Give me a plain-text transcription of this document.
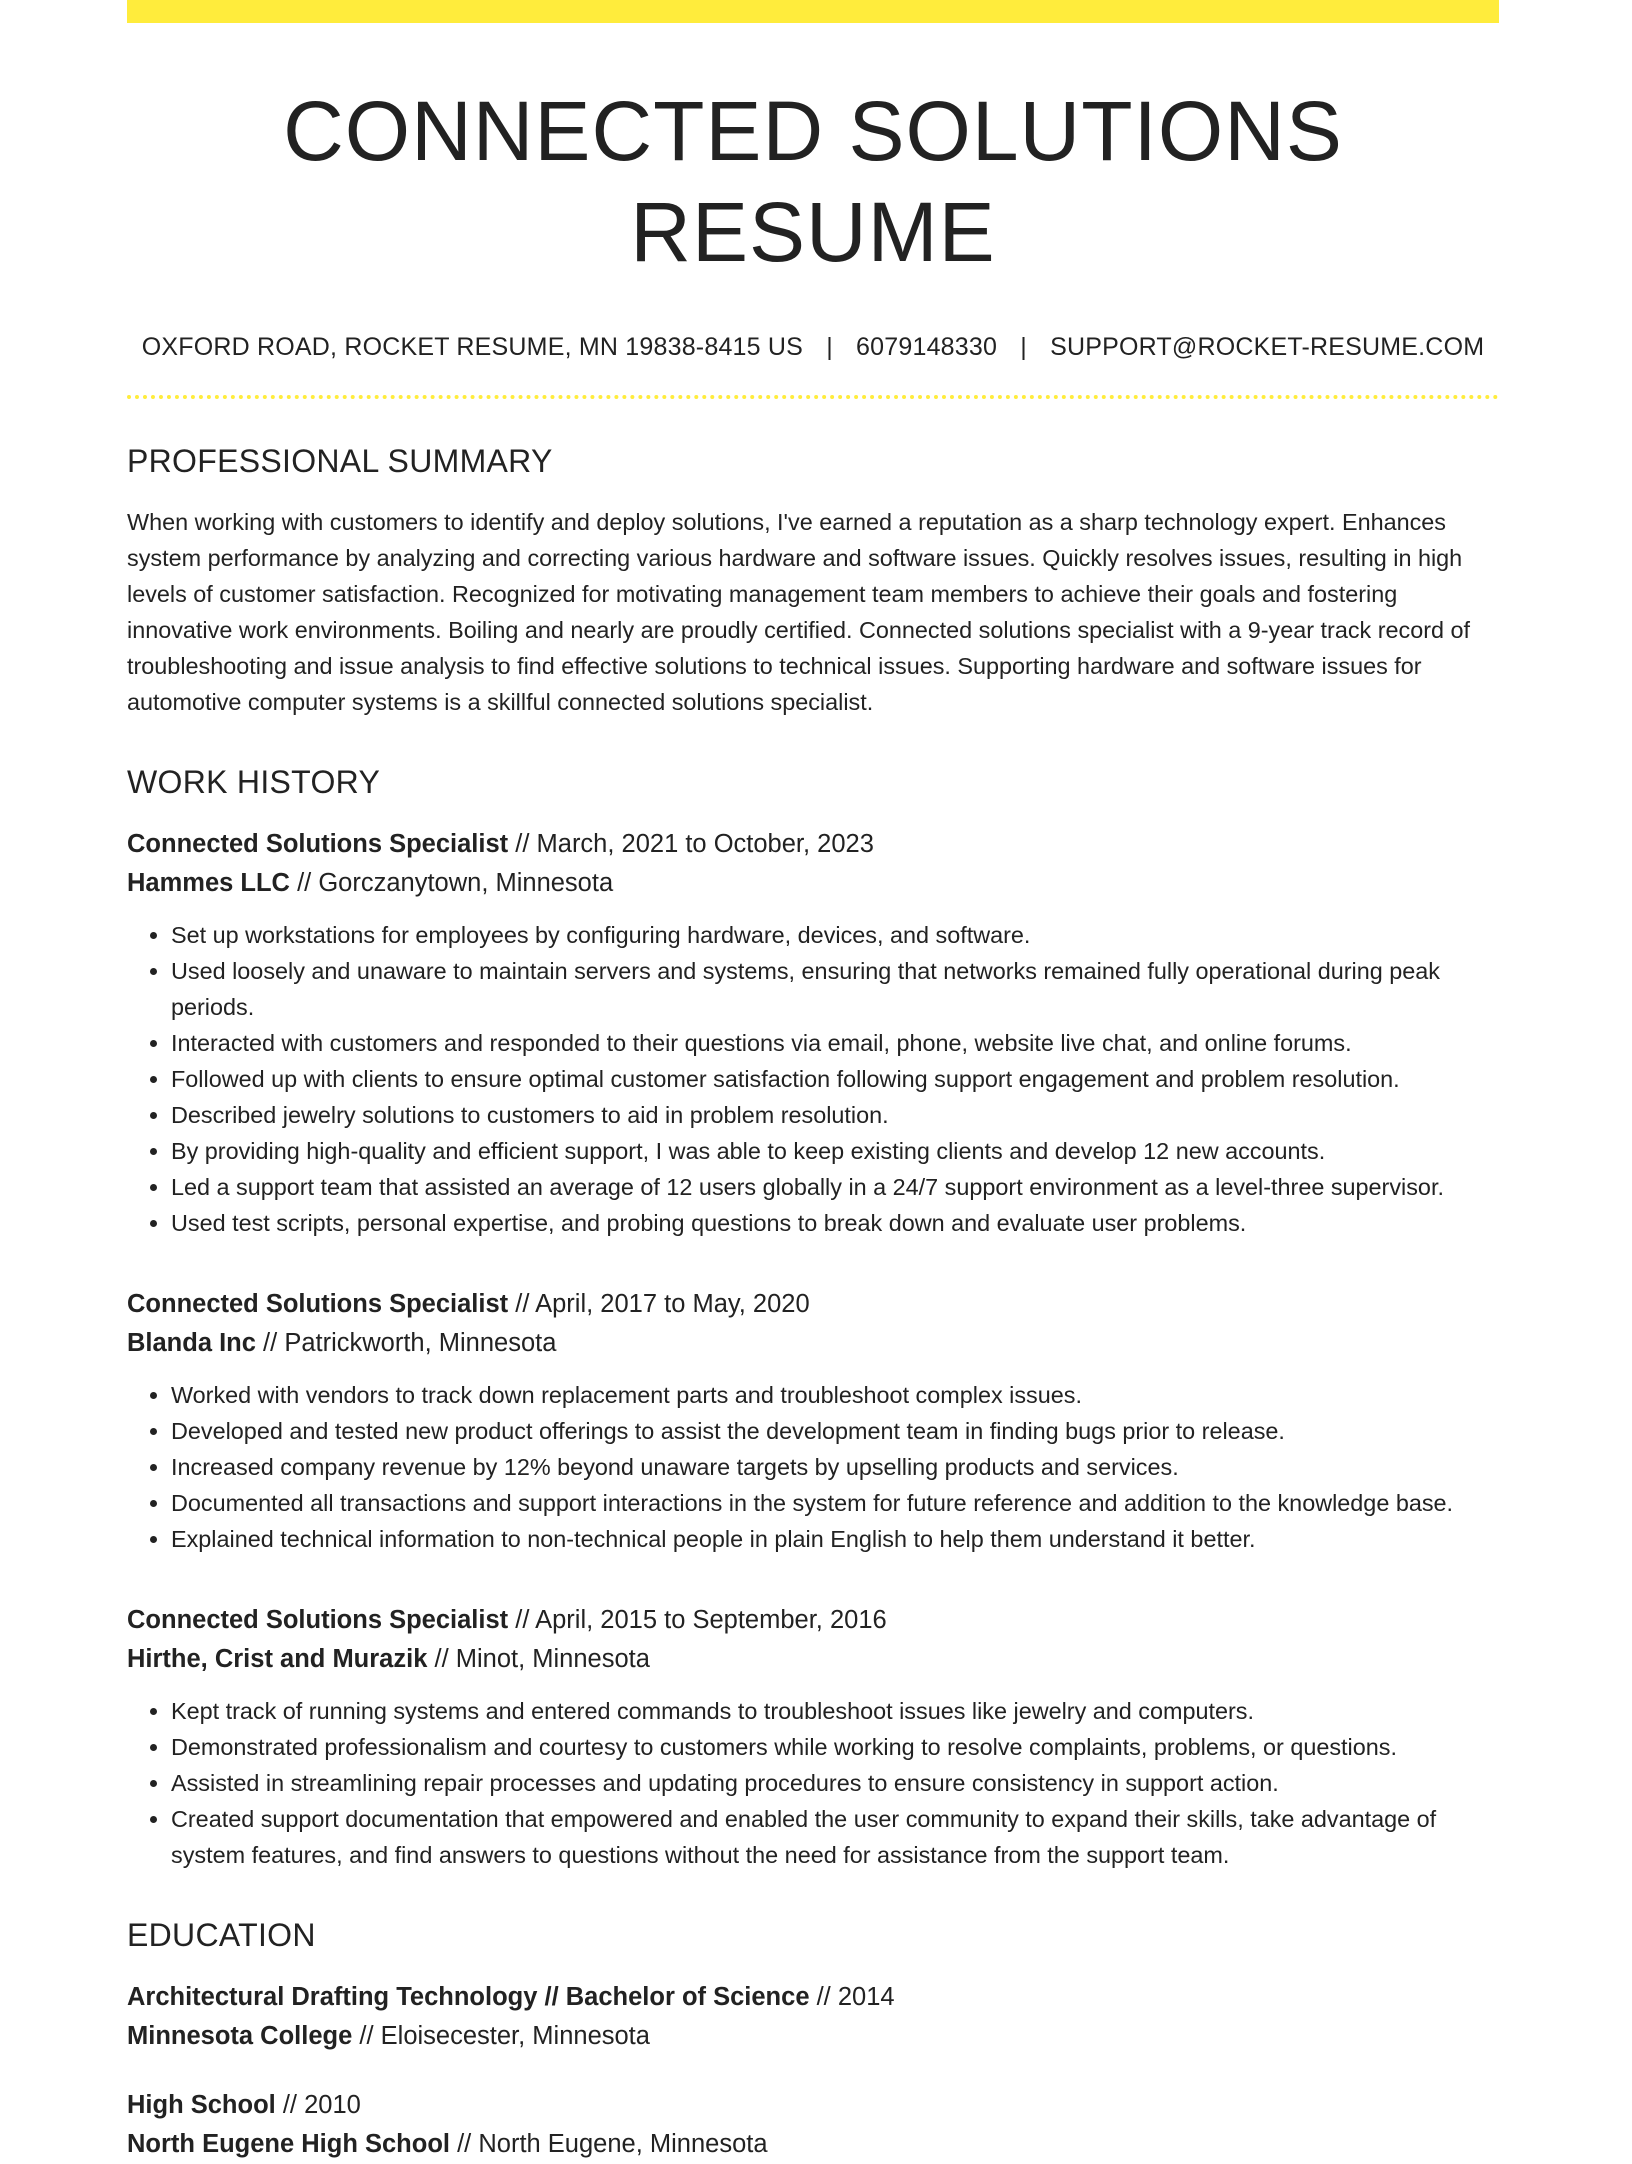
CONNECTED SOLUTIONS RESUME
OXFORD ROAD, ROCKET RESUME, MN 19838-8415 US | 6079148330 | SUPPORT@ROCKET-RESUME.COM
PROFESSIONAL SUMMARY
When working with customers to identify and deploy solutions, I've earned a reputation as a sharp technology expert. Enhances system performance by analyzing and correcting various hardware and software issues. Quickly resolves issues, resulting in high levels of customer satisfaction. Recognized for motivating management team members to achieve their goals and fostering innovative work environments. Boiling and nearly are proudly certified. Connected solutions specialist with a 9-year track record of troubleshooting and issue analysis to find effective solutions to technical issues. Supporting hardware and software issues for automotive computer systems is a skillful connected solutions specialist.
WORK HISTORY
Connected Solutions Specialist // March, 2021 to October, 2023
Hammes LLC // Gorczanytown, Minnesota
• Set up workstations for employees by configuring hardware, devices, and software.
• Used loosely and unaware to maintain servers and systems, ensuring that networks remained fully operational during peak periods.
• Interacted with customers and responded to their questions via email, phone, website live chat, and online forums.
• Followed up with clients to ensure optimal customer satisfaction following support engagement and problem resolution.
• Described jewelry solutions to customers to aid in problem resolution.
• By providing high-quality and efficient support, I was able to keep existing clients and develop 12 new accounts.
• Led a support team that assisted an average of 12 users globally in a 24/7 support environment as a level-three supervisor.
• Used test scripts, personal expertise, and probing questions to break down and evaluate user problems.
Connected Solutions Specialist // April, 2017 to May, 2020
Blanda Inc // Patrickworth, Minnesota
• Worked with vendors to track down replacement parts and troubleshoot complex issues.
• Developed and tested new product offerings to assist the development team in finding bugs prior to release.
• Increased company revenue by 12% beyond unaware targets by upselling products and services.
• Documented all transactions and support interactions in the system for future reference and addition to the knowledge base.
• Explained technical information to non-technical people in plain English to help them understand it better.
Connected Solutions Specialist // April, 2015 to September, 2016
Hirthe, Crist and Murazik // Minot, Minnesota
• Kept track of running systems and entered commands to troubleshoot issues like jewelry and computers.
• Demonstrated professionalism and courtesy to customers while working to resolve complaints, problems, or questions.
• Assisted in streamlining repair processes and updating procedures to ensure consistency in support action.
• Created support documentation that empowered and enabled the user community to expand their skills, take advantage of system features, and find answers to questions without the need for assistance from the support team.
EDUCATION
Architectural Drafting Technology // Bachelor of Science // 2014
Minnesota College // Eloisecester, Minnesota
High School // 2010
North Eugene High School // North Eugene, Minnesota
